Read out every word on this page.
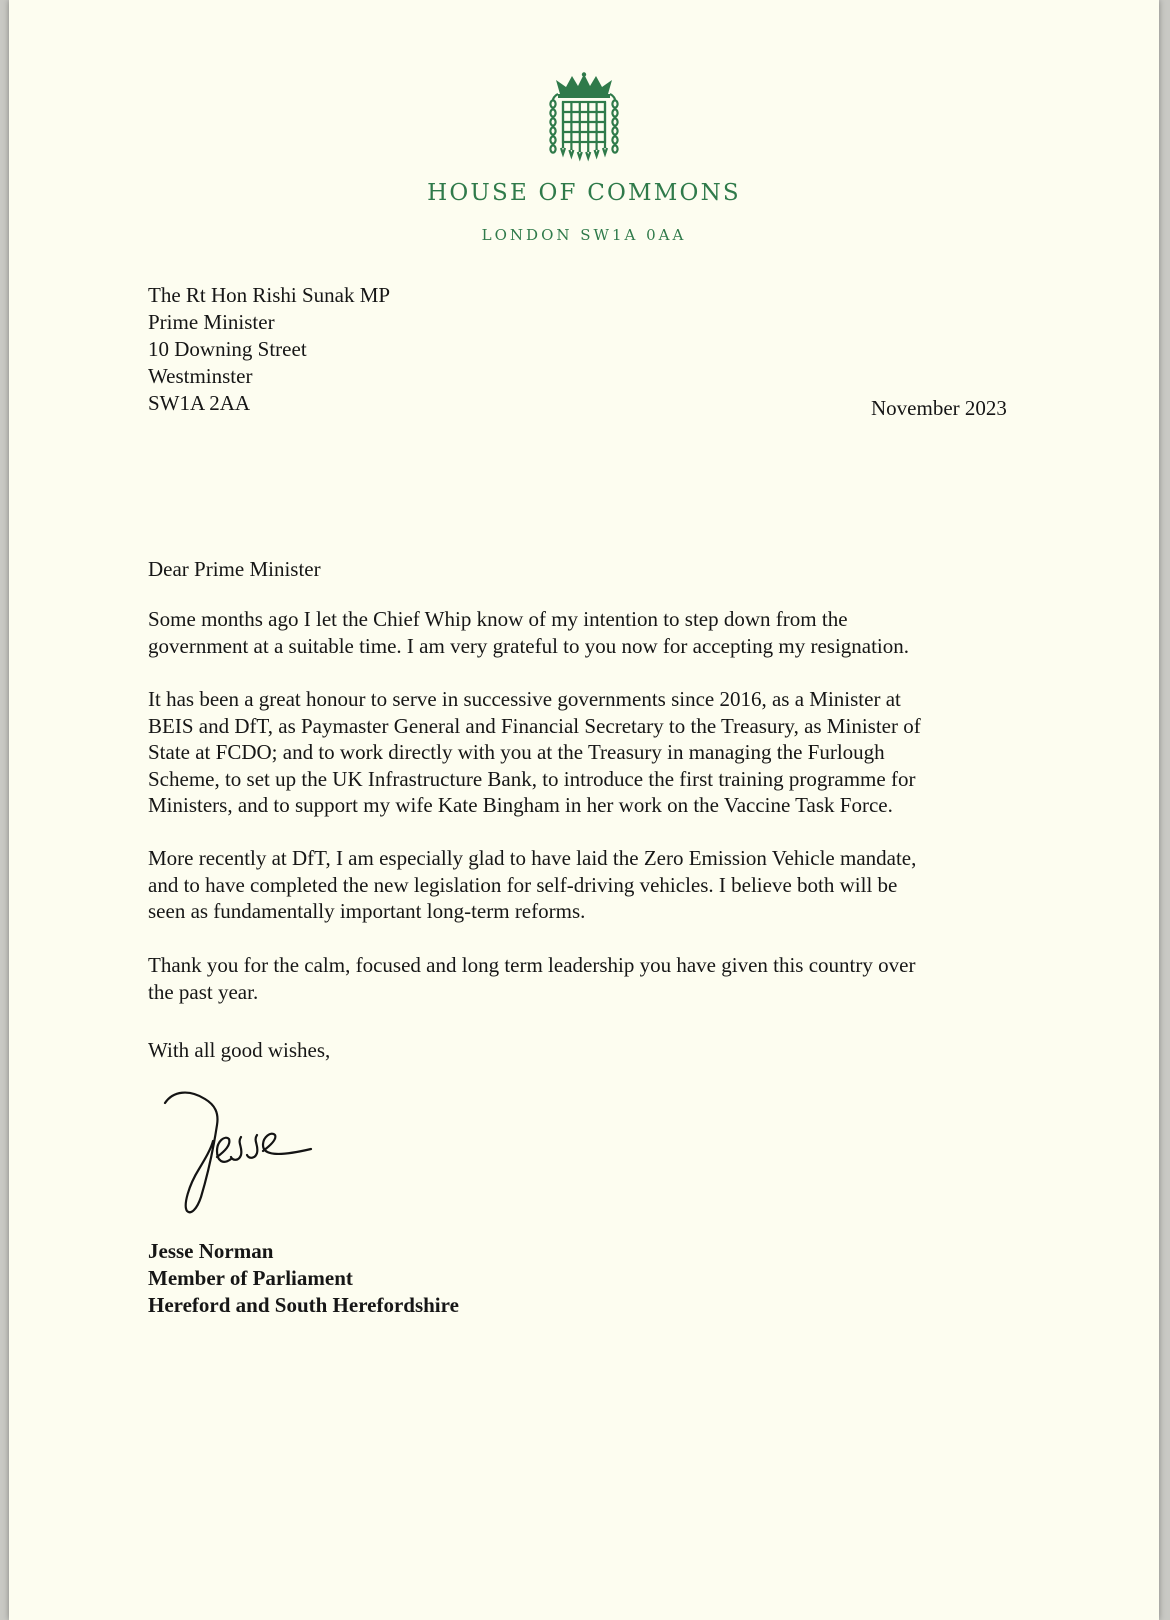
HOUSE OF COMMONS
LONDON SW1A 0AA
The Rt Hon Rishi Sunak MP
Prime Minister
10 Downing Street
Westminster
SW1A 2AA	November 2023
Dear Prime Minister
Some months ago I let the Chief Whip know of my intention to step down from the
government at a suitable time. I am very grateful to you now for accepting my resignation.
It has been a great honour to serve in successive governments since 2016, as a Minister at
BEIS and DfT, as Paymaster General and Financial Secretary to the Treasury, as Minister of
State at FCDO; and to work directly with you at the Treasury in managing the Furlough
Scheme, to set up the UK Infrastructure Bank, to introduce the first training programme for
Ministers, and to support my wife Kate Bingham in her work on the Vaccine Task Force.
More recently at DfT, I am especially glad to have laid the Zero Emission Vehicle mandate,
and to have completed the new legislation for self-driving vehicles. I believe both will be
seen as fundamentally important long-term reforms.
Thank you for the calm, focused and long term leadership you have given this country over
the past year.
With all good wishes,
Jesse Norman
Member of Parliament
Hereford and South Herefordshire
